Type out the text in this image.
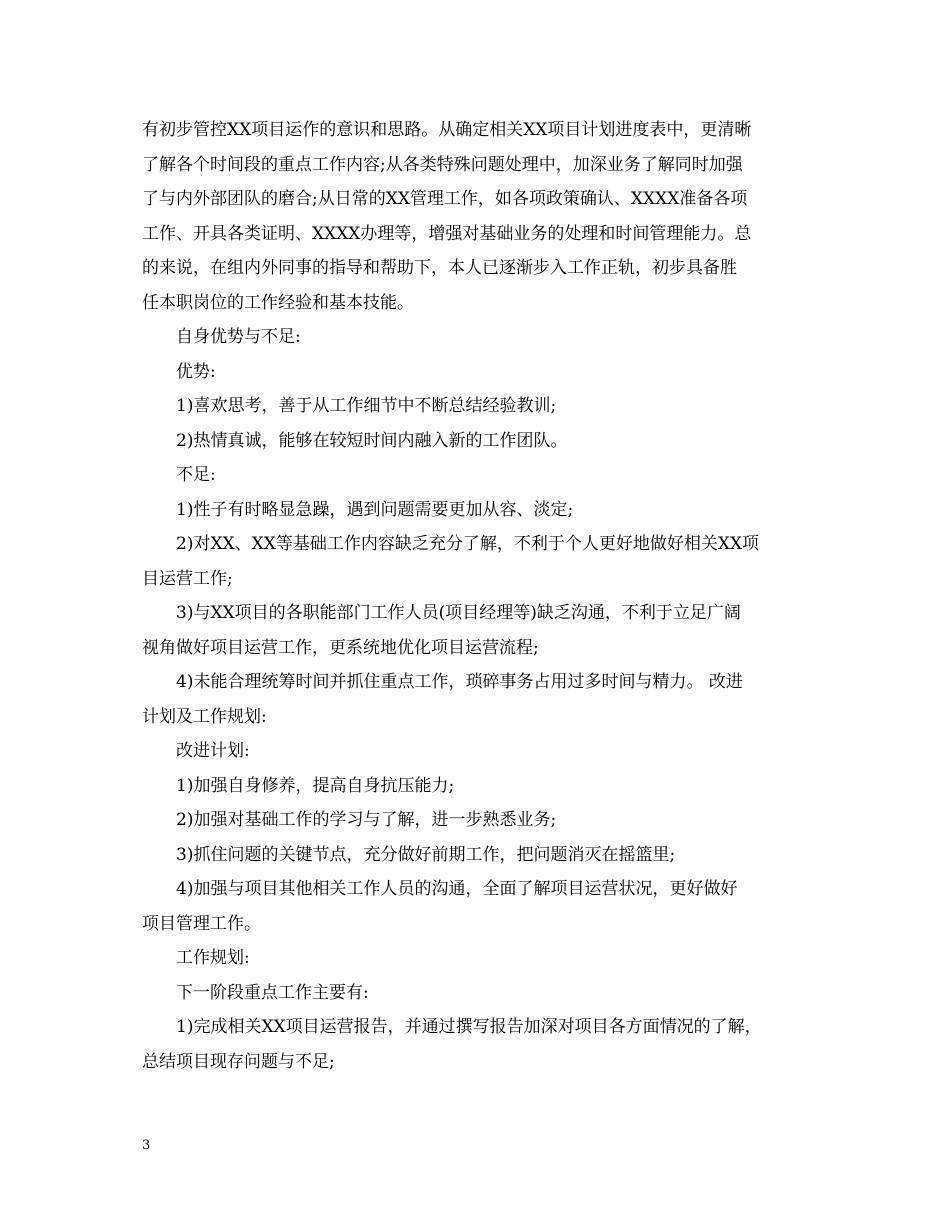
有初步管控XX项目运作的意识和思路。从确定相关XX项目计划进度表中，更清晰
了解各个时间段的重点工作内容;从各类特殊问题处理中，加深业务了解同时加强
了与内外部团队的磨合;从日常的XX管理工作，如各项政策确认、XXXX准备各项
工作、开具各类证明、XXXX办理等，增强对基础业务的处理和时间管理能力。总
的来说，在组内外同事的指导和帮助下，本人已逐渐步入工作正轨，初步具备胜
任本职岗位的工作经验和基本技能。
自身优势与不足:
优势:
1)喜欢思考，善于从工作细节中不断总结经验教训;
2)热情真诚，能够在较短时间内融入新的工作团队。
不足:
1)性子有时略显急躁，遇到问题需要更加从容、淡定;
2)对XX、XX等基础工作内容缺乏充分了解，不利于个人更好地做好相关XX项
目运营工作;
3)与XX项目的各职能部门工作人员(项目经理等)缺乏沟通，不利于立足广阔
视角做好项目运营工作，更系统地优化项目运营流程;
4)未能合理统筹时间并抓住重点工作，琐碎事务占用过多时间与精力。 改进
计划及工作规划:
改进计划:
1)加强自身修养，提高自身抗压能力;
2)加强对基础工作的学习与了解，进一步熟悉业务;
3)抓住问题的关键节点，充分做好前期工作，把问题消灭在摇篮里;
4)加强与项目其他相关工作人员的沟通，全面了解项目运营状况，更好做好
项目管理工作。
工作规划:
下一阶段重点工作主要有:
1)完成相关XX项目运营报告，并通过撰写报告加深对项目各方面情况的了解，
总结项目现存问题与不足;
3
